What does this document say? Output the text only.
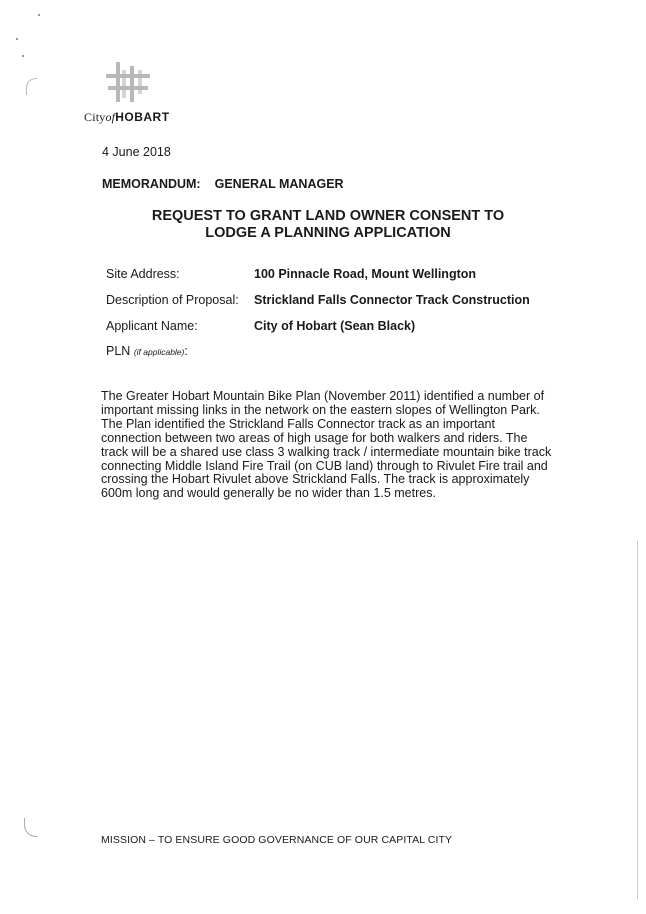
CityofHOBART
4 June 2018
MEMORANDUM: GENERAL MANAGER
REQUEST TO GRANT LAND OWNER CONSENT TO
LODGE A PLANNING APPLICATION
Site Address:	100 Pinnacle Road, Mount Wellington
Description of Proposal: Strickland Falls Connector Track Construction
Applicant Name:	City of Hobart (Sean Black)
PLN (if applicable):
The Greater Hobart Mountain Bike Plan (November 2011) identified a number of important missing links in the network on the eastern slopes of Wellington Park. The Plan identified the Strickland Falls Connector track as an important connection between two areas of high usage for both walkers and riders. The track will be a shared use class 3 walking track / intermediate mountain bike track connecting Middle Island Fire Trail (on CUB land) through to Rivulet Fire trail and crossing the Hobart Rivulet above Strickland Falls. The track is approximately 600m long and would generally be no wider than 1.5 metres.
MISSION – TO ENSURE GOOD GOVERNANCE OF OUR CAPITAL CITY
